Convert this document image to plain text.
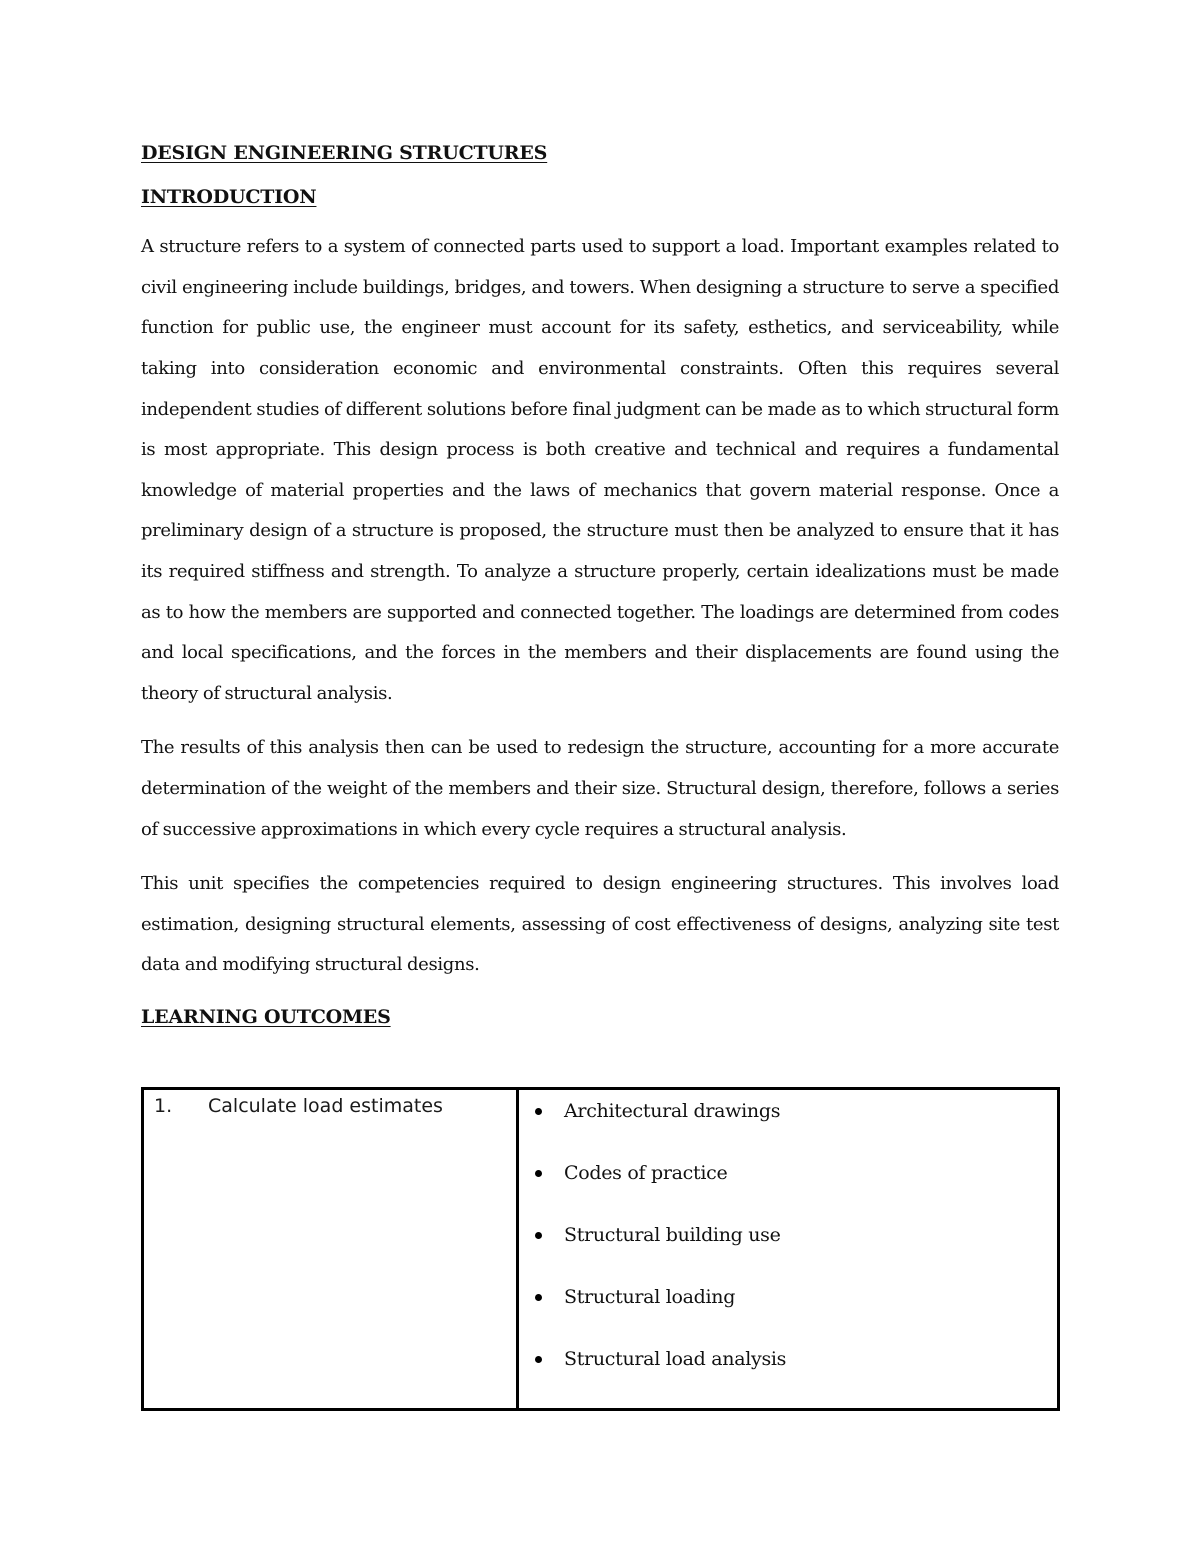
DESIGN ENGINEERING STRUCTURES

INTRODUCTION

A structure refers to a system of connected parts used to support a load. Important examples related to civil engineering include buildings, bridges, and towers. When designing a structure to serve a specified function for public use, the engineer must account for its safety, esthetics, and serviceability, while taking into consideration economic and environmental constraints. Often this requires several independent studies of different solutions before final judgment can be made as to which structural form is most appropriate. This design process is both creative and technical and requires a fundamental knowledge of material properties and the laws of mechanics that govern material response. Once a preliminary design of a structure is proposed, the structure must then be analyzed to ensure that it has its required stiffness and strength. To analyze a structure properly, certain idealizations must be made as to how the members are supported and connected together. The loadings are determined from codes and local specifications, and the forces in the members and their displacements are found using the theory of structural analysis.

The results of this analysis then can be used to redesign the structure, accounting for a more accurate determination of the weight of the members and their size. Structural design, therefore, follows a series of successive approximations in which every cycle requires a structural analysis.

This unit specifies the competencies required to design engineering structures. This involves load estimation, designing structural elements, assessing of cost effectiveness of designs, analyzing site test data and modifying structural designs.

LEARNING OUTCOMES

1.	Calculate load estimates	Architectural drawings
Codes of practice
Structural building use
Structural loading
Structural load analysis
